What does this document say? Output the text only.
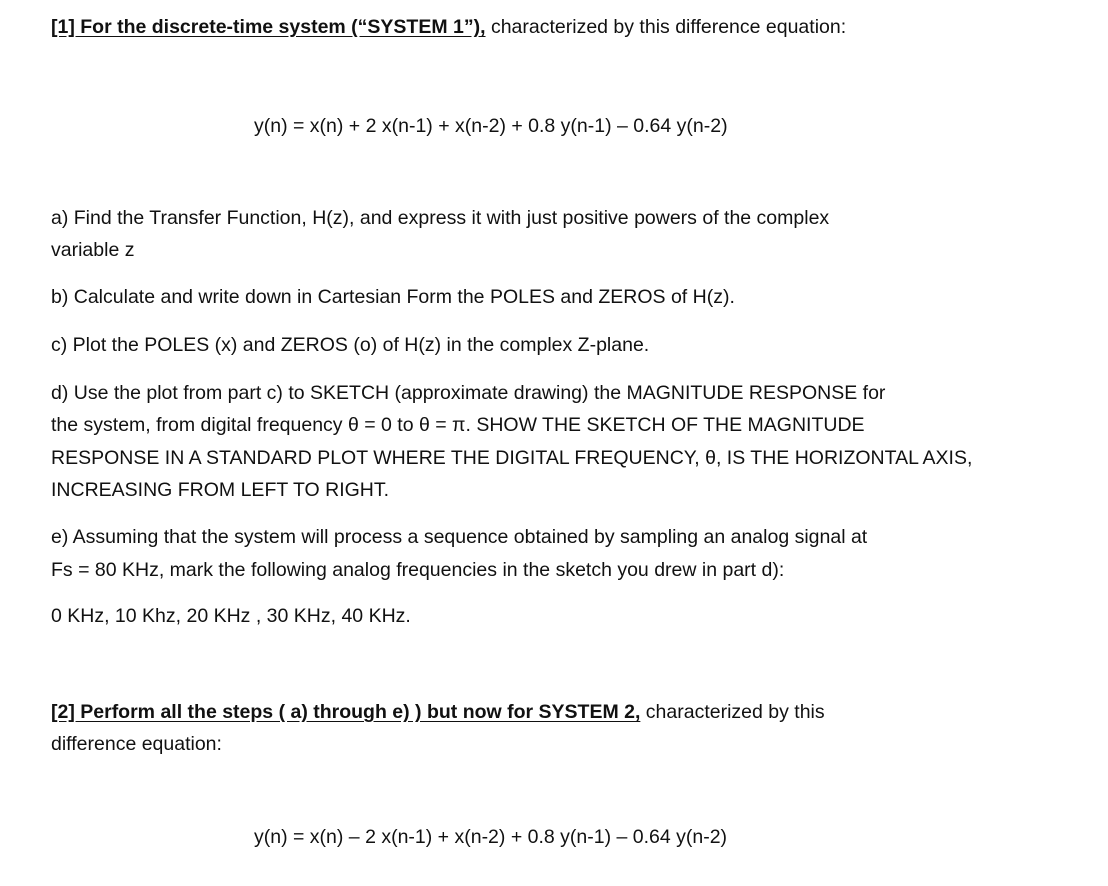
[1] For the discrete-time system (“SYSTEM 1”), characterized by this difference equation:
y(n) = x(n) + 2 x(n-1) + x(n-2) + 0.8 y(n-1) – 0.64 y(n-2)
a) Find the Transfer Function, H(z), and express it with just positive powers of the complex
variable z
b) Calculate and write down in Cartesian Form the POLES and ZEROS of H(z).
c) Plot the POLES (x) and ZEROS (o) of H(z) in the complex Z-plane.
d) Use the plot from part c) to SKETCH (approximate drawing) the MAGNITUDE RESPONSE for
the system, from digital frequency θ = 0 to θ = π. SHOW THE SKETCH OF THE MAGNITUDE
RESPONSE IN A STANDARD PLOT WHERE THE DIGITAL FREQUENCY, θ, IS THE HORIZONTAL AXIS,
INCREASING FROM LEFT TO RIGHT.
e) Assuming that the system will process a sequence obtained by sampling an analog signal at
Fs = 80 KHz, mark the following analog frequencies in the sketch you drew in part d):
0 KHz, 10 Khz, 20 KHz , 30 KHz, 40 KHz.
[2] Perform all the steps ( a) through e) ) but now for SYSTEM 2, characterized by this
difference equation:
y(n) = x(n) – 2 x(n-1) + x(n-2) + 0.8 y(n-1) – 0.64 y(n-2)
